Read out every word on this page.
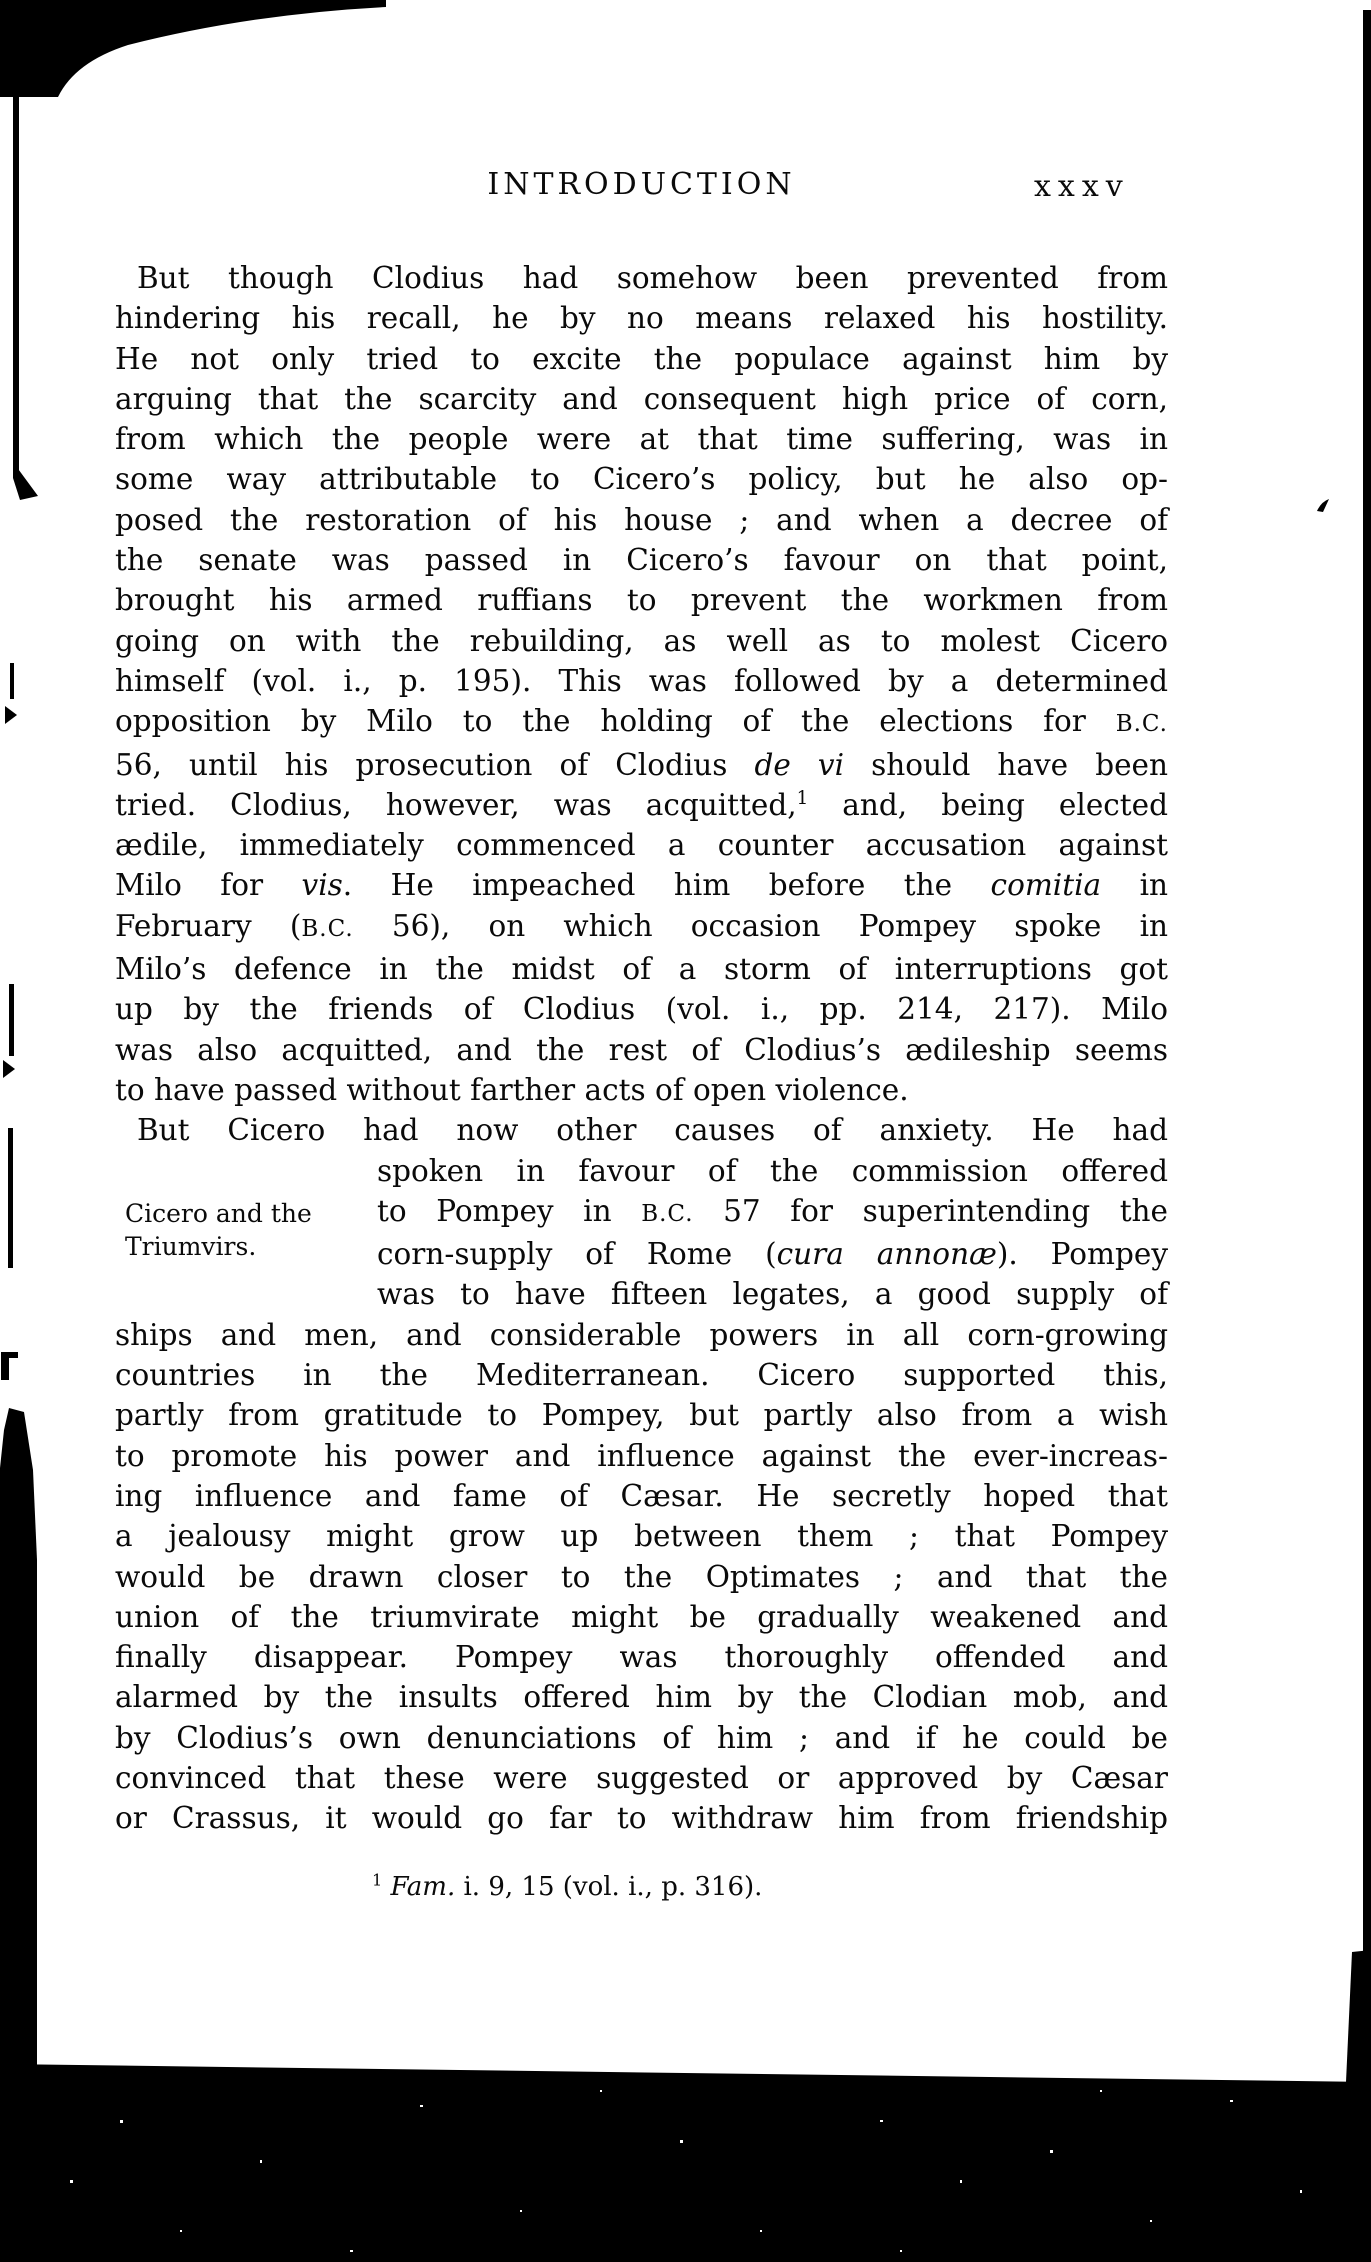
INTRODUCTION	xxxv
But though Clodius had somehow been prevented from
hindering his recall, he by no means relaxed his hostility.
He not only tried to excite the populace against him by
arguing that the scarcity and consequent high price of corn,
from which the people were at that time suffering, was in
some way attributable to Cicero’s policy, but he also op-
posed the restoration of his house ; and when a decree of
the senate was passed in Cicero’s favour on that point,
brought his armed ruffians to prevent the workmen from
going on with the rebuilding, as well as to molest Cicero
himself (vol. i., p. 195). This was followed by a determined
opposition by Milo to the holding of the elections for B.C.
56, until his prosecution of Clodius de vi should have been
tried. Clodius, however, was acquitted,$^1$ and, being elected
ædile, immediately commenced a counter accusation against
Milo for vis. He impeached him before the comitia in
February (B.C. 56), on which occasion Pompey spoke in
Milo’s defence in the midst of a storm of interruptions got
up by the friends of Clodius (vol. i., pp. 214, 217). Milo
was also acquitted, and the rest of Clodius’s ædileship seems
to have passed without farther acts of open violence.
But Cicero had now other causes of anxiety. He had
Cicero and the
Triumvirs.
spoken in favour of the commission offered
to Pompey in B.C. 57 for superintending the
corn-supply of Rome (cura annonæ). Pompey
was to have fifteen legates, a good supply of
ships and men, and considerable powers in all corn-growing
countries in the Mediterranean. Cicero supported this,
partly from gratitude to Pompey, but partly also from a wish
to promote his power and influence against the ever-increas-
ing influence and fame of Cæsar. He secretly hoped that
a jealousy might grow up between them ; that Pompey
would be drawn closer to the Optimates ; and that the
union of the triumvirate might be gradually weakened and
finally disappear. Pompey was thoroughly offended and
alarmed by the insults offered him by the Clodian mob, and
by Clodius’s own denunciations of him ; and if he could be
convinced that these were suggested or approved by Cæsar
or Crassus, it would go far to withdraw him from friendship
$^1$ Fam. i. 9, 15 (vol. i., p. 316).
